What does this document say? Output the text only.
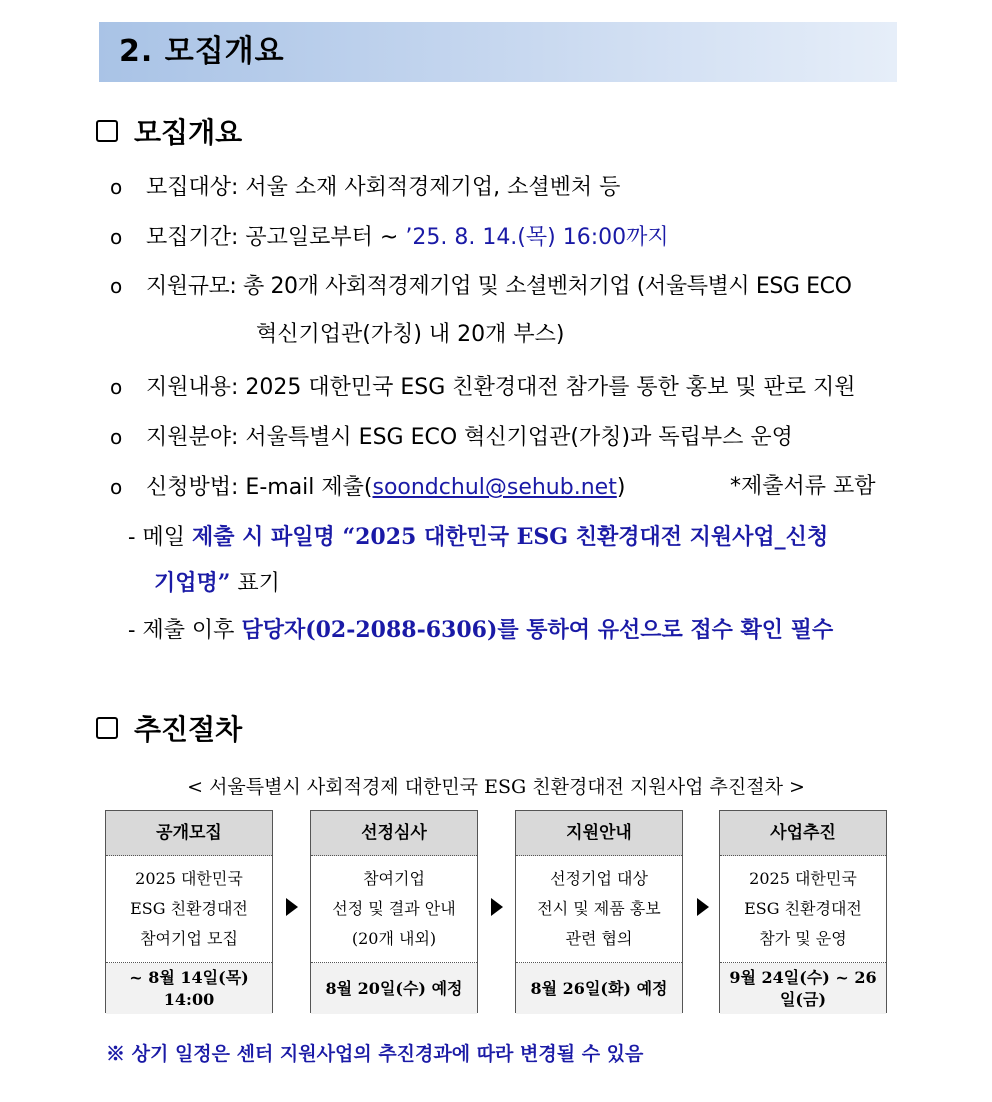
2. 모집개요
모집개요
o 모집대상: 서울 소재 사회적경제기업, 소셜벤처 등
o 모집기간: 공고일로부터 ~ ’25. 8. 14.(목) 16:00까지
o 지원규모: 총 20개 사회적경제기업 및 소셜벤처기업 (서울특별시 ESG ECO
혁신기업관(가칭) 내 20개 부스)
o 지원내용: 2025 대한민국 ESG 친환경대전 참가를 통한 홍보 및 판로 지원
o 지원분야: 서울특별시 ESG ECO 혁신기업관(가칭)과 독립부스 운영
o 신청방법: E-mail 제출(soondchul@sehub.net)	*제출서류 포함
- 메일 제출 시 파일명 “2025 대한민국 ESG 친환경대전 지원사업_신청
기업명” 표기
- 제출 이후 담당자(02-2088-6306)를 통하여 유선으로 접수 확인 필수
추진절차
< 서울특별시 사회적경제 대한민국 ESG 친환경대전 지원사업 추진절차 >
공개모집
2025 대한민국
ESG 친환경대전
참여기업 모집
~ 8월 14일(목) 14:00
선정심사
참여기업
선정 및 결과 안내
(20개 내외)
8월 20일(수) 예정
지원안내
선정기업 대상
전시 및 제품 홍보
관련 협의
8월 26일(화) 예정
사업추진
2025 대한민국
ESG 친환경대전
참가 및 운영
9월 24일(수) ~ 26일(금)
※ 상기 일정은 센터 지원사업의 추진경과에 따라 변경될 수 있음
